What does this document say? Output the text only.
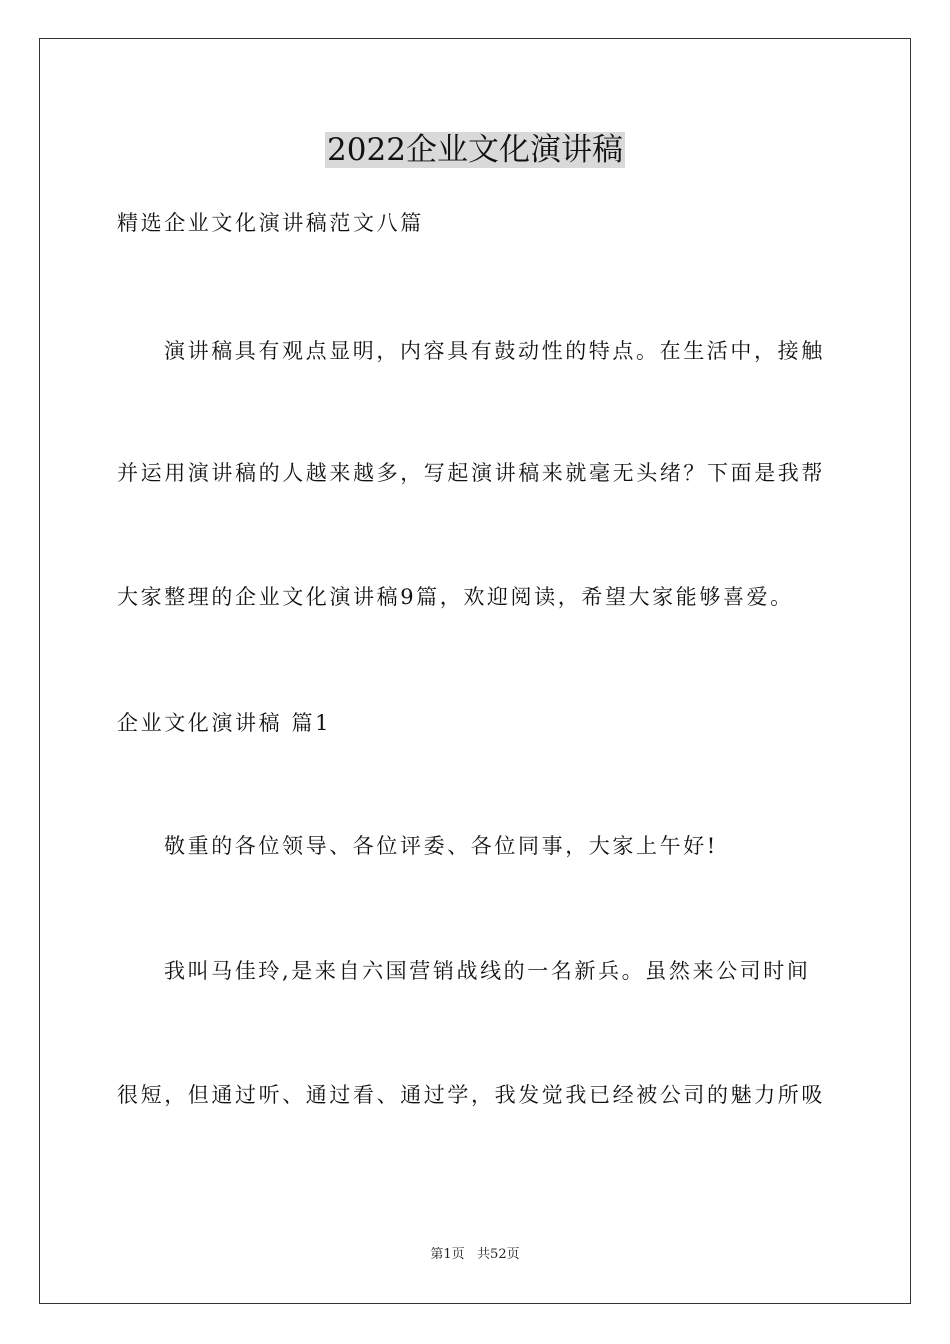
2022企业文化演讲稿
精选企业文化演讲稿范文八篇
演讲稿具有观点显明，内容具有鼓动性的特点。在生活中，接触
并运用演讲稿的人越来越多，写起演讲稿来就毫无头绪？下面是我帮
大家整理的企业文化演讲稿9篇，欢迎阅读，希望大家能够喜爱。
企业文化演讲稿 篇1
敬重的各位领导、各位评委、各位同事，大家上午好!
我叫马佳玲,是来自六国营销战线的一名新兵。虽然来公司时间
很短，但通过听、通过看、通过学，我发觉我已经被公司的魅力所吸
第1页   共52页
